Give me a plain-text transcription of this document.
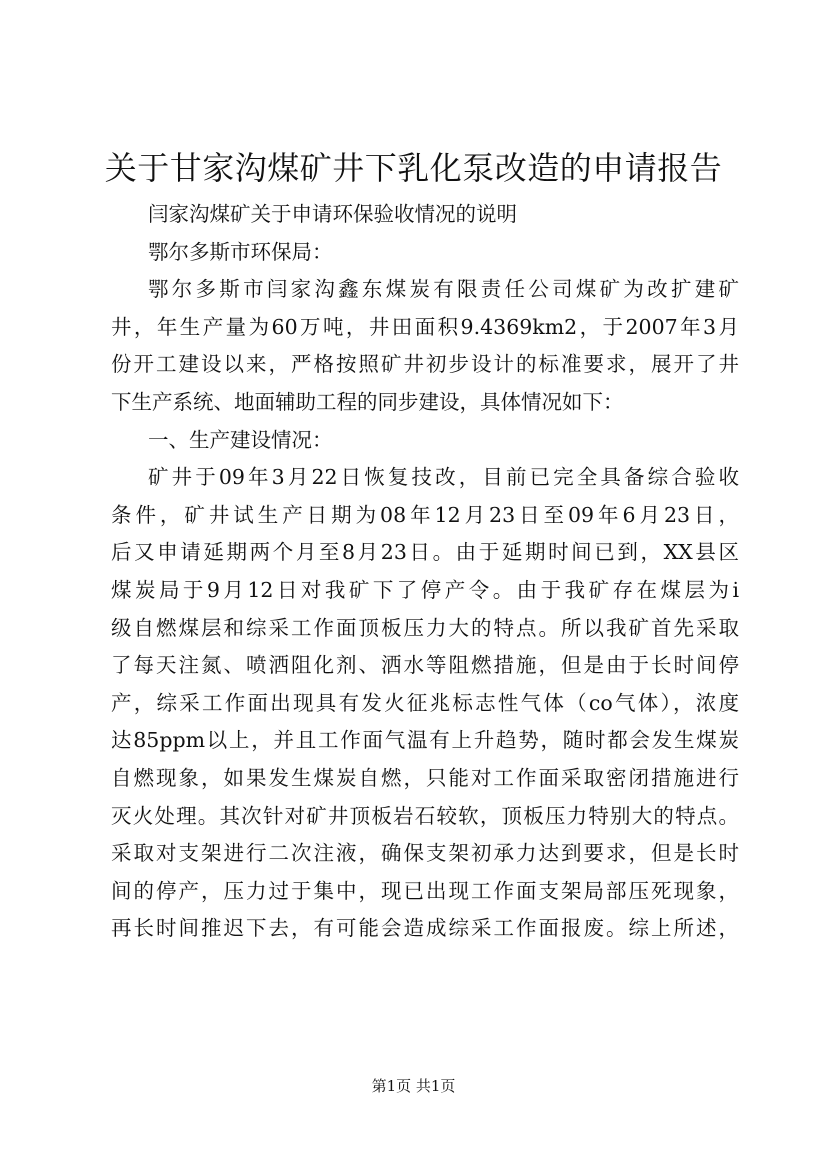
关于甘家沟煤矿井下乳化泵改造的申请报告
闫家沟煤矿关于申请环保验收情况的说明
鄂尔多斯市环保局：
鄂尔多斯市闫家沟鑫东煤炭有限责任公司煤矿为改扩建矿
井，年生产量为60万吨，井田面积9.4369km2，于2007年3月
份开工建设以来，严格按照矿井初步设计的标准要求，展开了井
下生产系统、地面辅助工程的同步建设，具体情况如下：
一、生产建设情况：
矿井于09年3月22日恢复技改，目前已完全具备综合验收
条件，矿井试生产日期为08年12月23日至09年6月23日，
后又申请延期两个月至8月23日。由于延期时间已到，XX县区
煤炭局于9月12日对我矿下了停产令。由于我矿存在煤层为i
级自燃煤层和综采工作面顶板压力大的特点。所以我矿首先采取
了每天注氮、喷洒阻化剂、洒水等阻燃措施，但是由于长时间停
产，综采工作面出现具有发火征兆标志性气体（co气体），浓度
达85ppm以上，并且工作面气温有上升趋势，随时都会发生煤炭
自燃现象，如果发生煤炭自燃，只能对工作面采取密闭措施进行
灭火处理。其次针对矿井顶板岩石较软，顶板压力特别大的特点。
采取对支架进行二次注液，确保支架初承力达到要求，但是长时
间的停产，压力过于集中，现已出现工作面支架局部压死现象，
再长时间推迟下去，有可能会造成综采工作面报废。综上所述，
第1页 共1页
